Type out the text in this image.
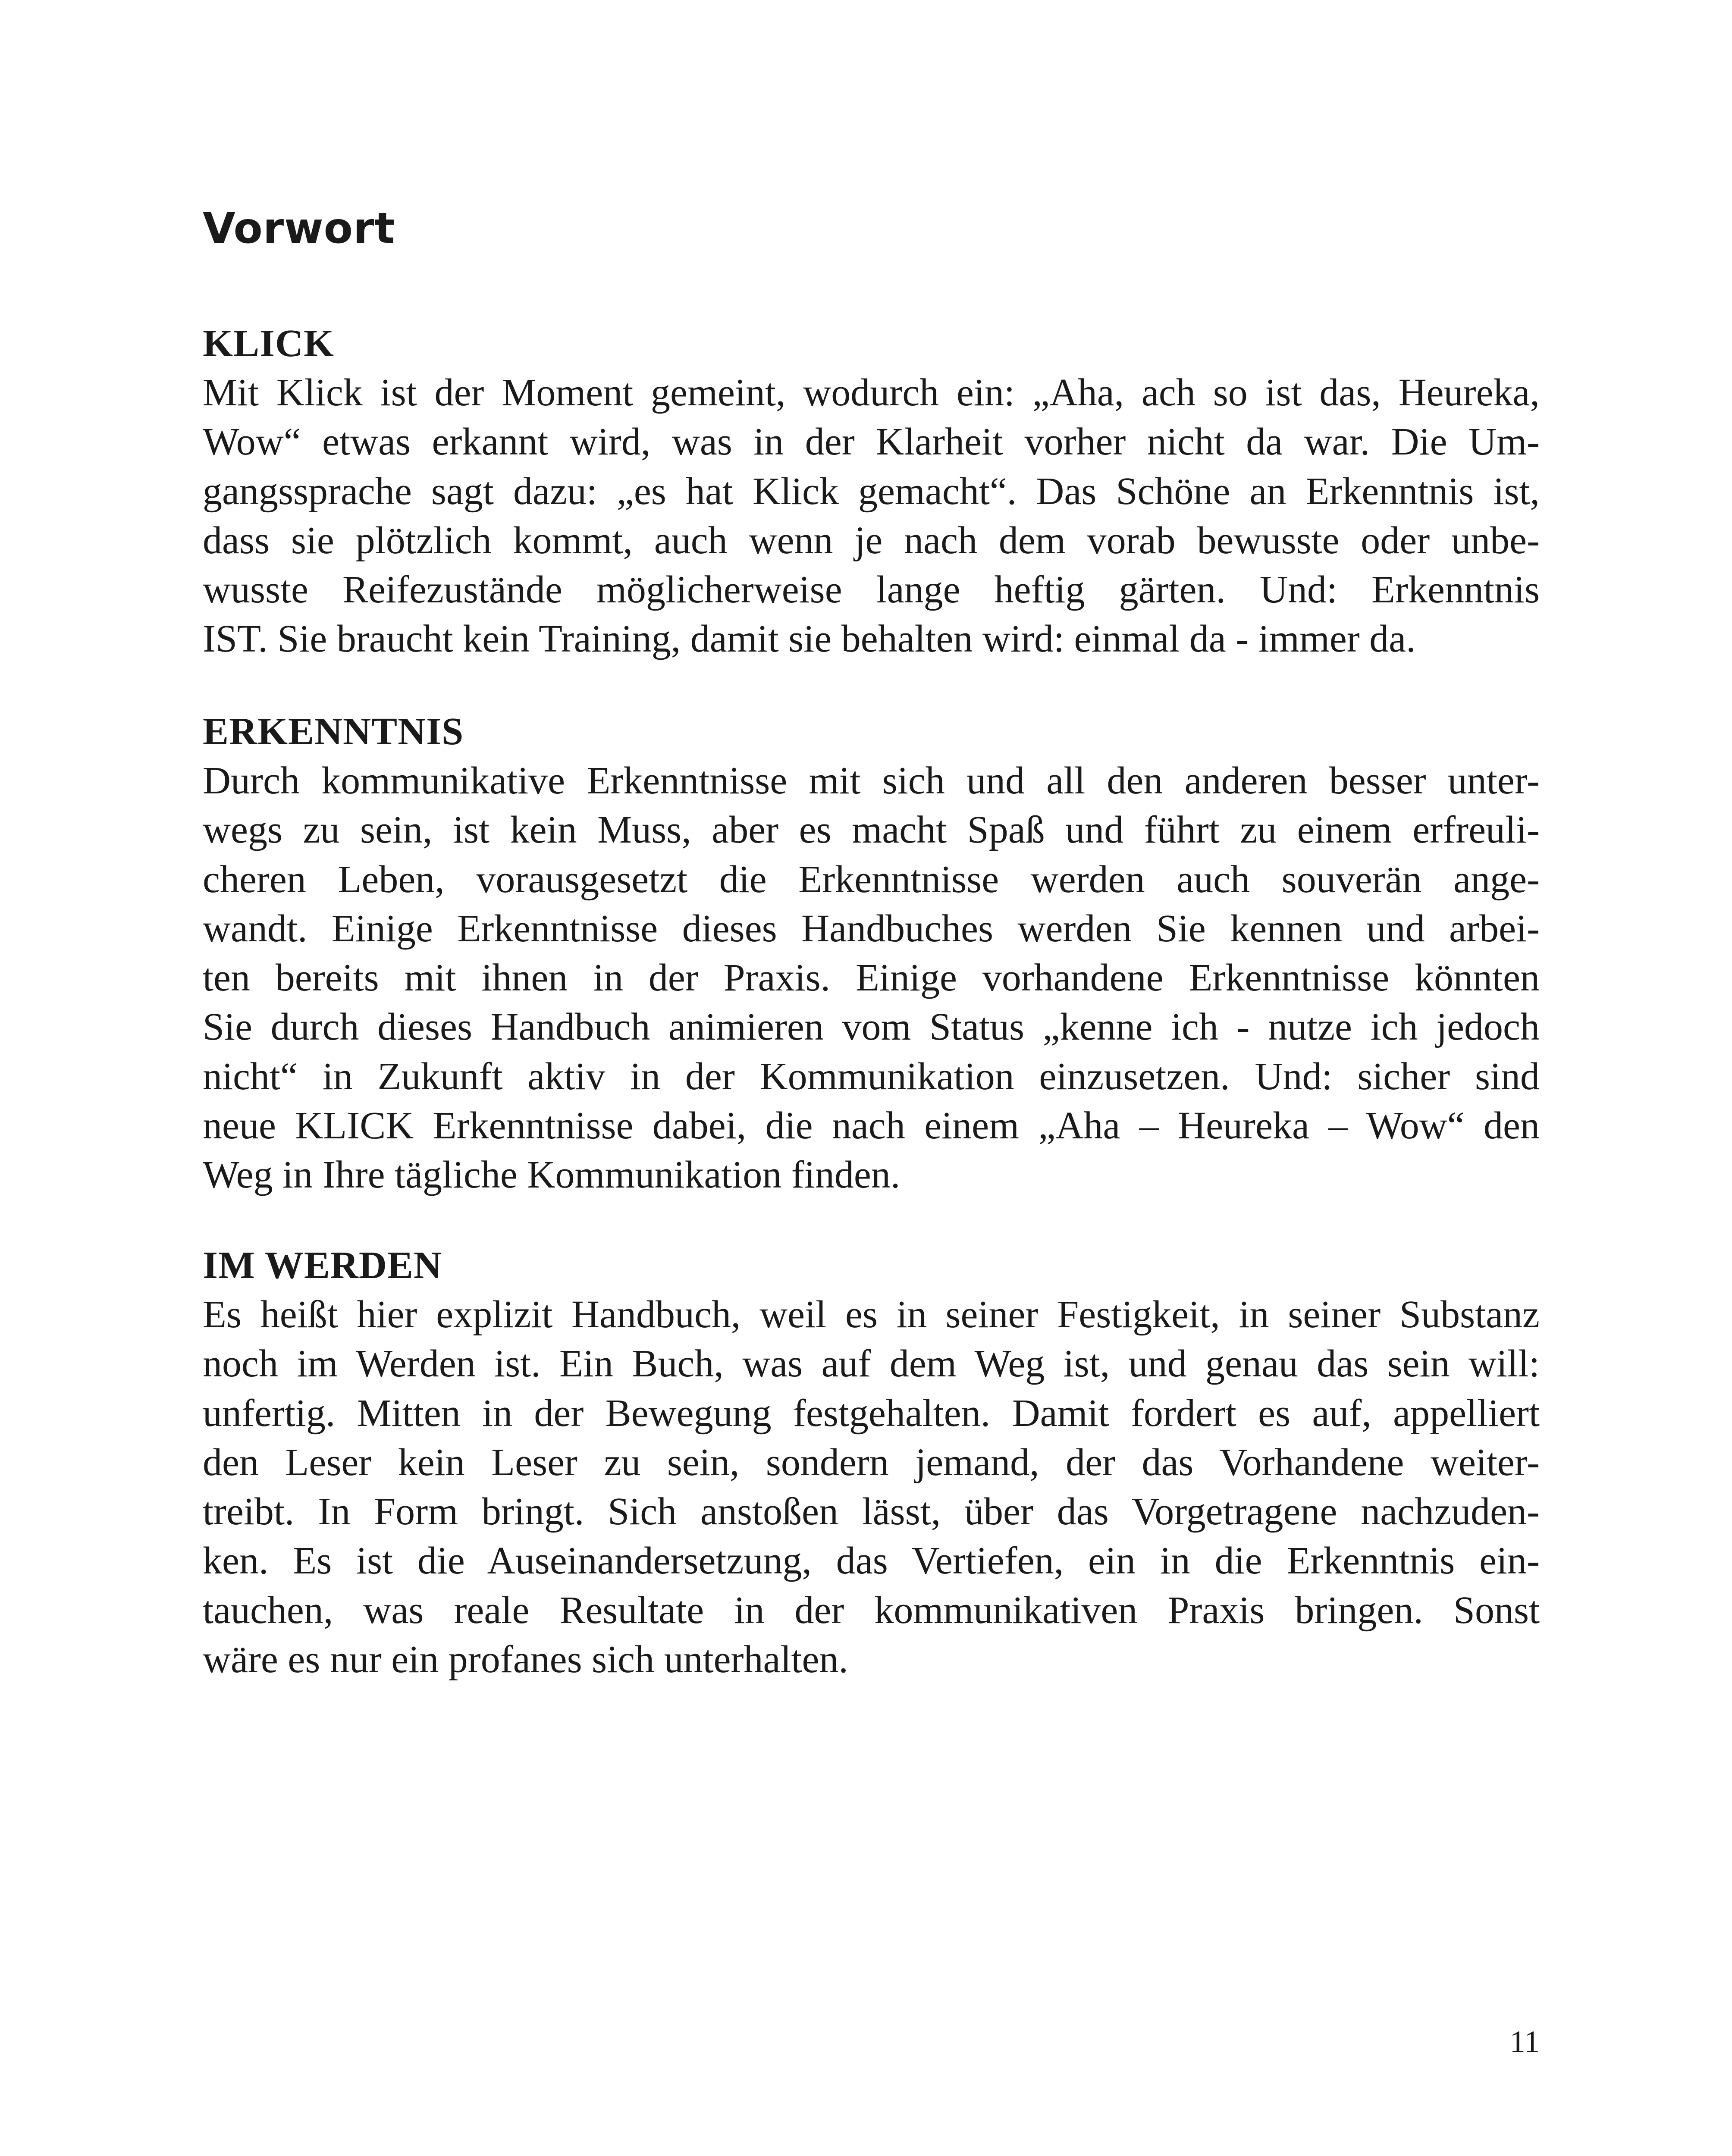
Vorwort
KLICK
Mit Klick ist der Moment gemeint, wodurch ein: „Aha, ach so ist das, Heureka,
Wow“ etwas erkannt wird, was in der Klarheit vorher nicht da war. Die Um-
gangssprache sagt dazu: „es hat Klick gemacht“. Das Schöne an Erkenntnis ist,
dass sie plötzlich kommt, auch wenn je nach dem vorab bewusste oder unbe-
wusste Reifezustände möglicherweise lange heftig gärten. Und: Erkenntnis
IST. Sie braucht kein Training, damit sie behalten wird: einmal da - immer da.
ERKENNTNIS
Durch kommunikative Erkenntnisse mit sich und all den anderen besser unter-
wegs zu sein, ist kein Muss, aber es macht Spaß und führt zu einem erfreuli-
cheren Leben, vorausgesetzt die Erkenntnisse werden auch souverän ange-
wandt. Einige Erkenntnisse dieses Handbuches werden Sie kennen und arbei-
ten bereits mit ihnen in der Praxis. Einige vorhandene Erkenntnisse könnten
Sie durch dieses Handbuch animieren vom Status „kenne ich - nutze ich jedoch
nicht“ in Zukunft aktiv in der Kommunikation einzusetzen. Und: sicher sind
neue KLICK Erkenntnisse dabei, die nach einem „Aha – Heureka – Wow“ den
Weg in Ihre tägliche Kommunikation finden.
IM WERDEN
Es heißt hier explizit Handbuch, weil es in seiner Festigkeit, in seiner Substanz
noch im Werden ist. Ein Buch, was auf dem Weg ist, und genau das sein will:
unfertig. Mitten in der Bewegung festgehalten. Damit fordert es auf, appelliert
den Leser kein Leser zu sein, sondern jemand, der das Vorhandene weiter-
treibt. In Form bringt. Sich anstoßen lässt, über das Vorgetragene nachzuden-
ken. Es ist die Auseinandersetzung, das Vertiefen, ein in die Erkenntnis ein-
tauchen, was reale Resultate in der kommunikativen Praxis bringen. Sonst
wäre es nur ein profanes sich unterhalten.
11
